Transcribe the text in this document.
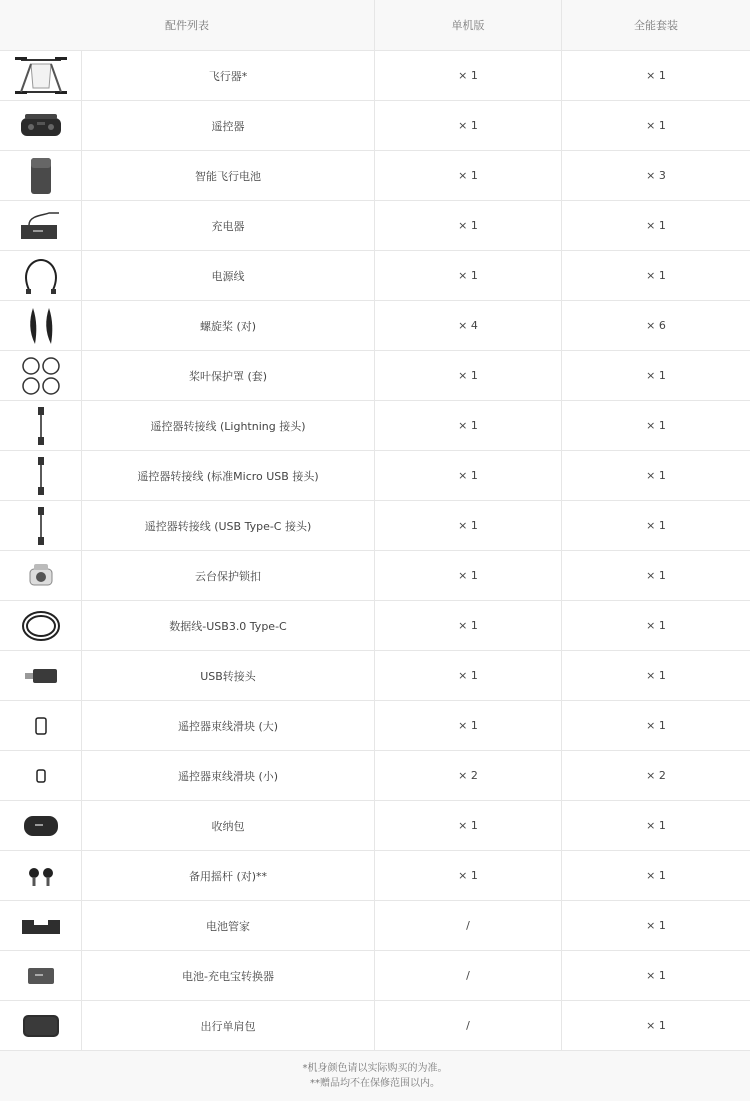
配件列表	单机版	全能套装
飞行器*	× 1	× 1
遥控器	× 1	× 1
智能飞行电池	× 1	× 3
充电器	× 1	× 1
电源线	× 1	× 1
螺旋桨 (对)	× 4	× 6
桨叶保护罩 (套)	× 1	× 1
遥控器转接线 (Lightning 接头)	× 1	× 1
遥控器转接线 (标准Micro USB 接头)	× 1	× 1
遥控器转接线 (USB Type-C 接头)	× 1	× 1
云台保护锁扣	× 1	× 1
数据线-USB3.0 Type-C	× 1	× 1
USB转接头	× 1	× 1
遥控器束线滑块 (大)	× 1	× 1
遥控器束线滑块 (小)	× 2	× 2
收纳包	× 1	× 1
备用摇杆 (对)**	× 1	× 1
电池管家	/	× 1
电池-充电宝转换器	/	× 1
出行单肩包	/	× 1
*机身颜色请以实际购买的为准。
**赠品均不在保修范围以内。
